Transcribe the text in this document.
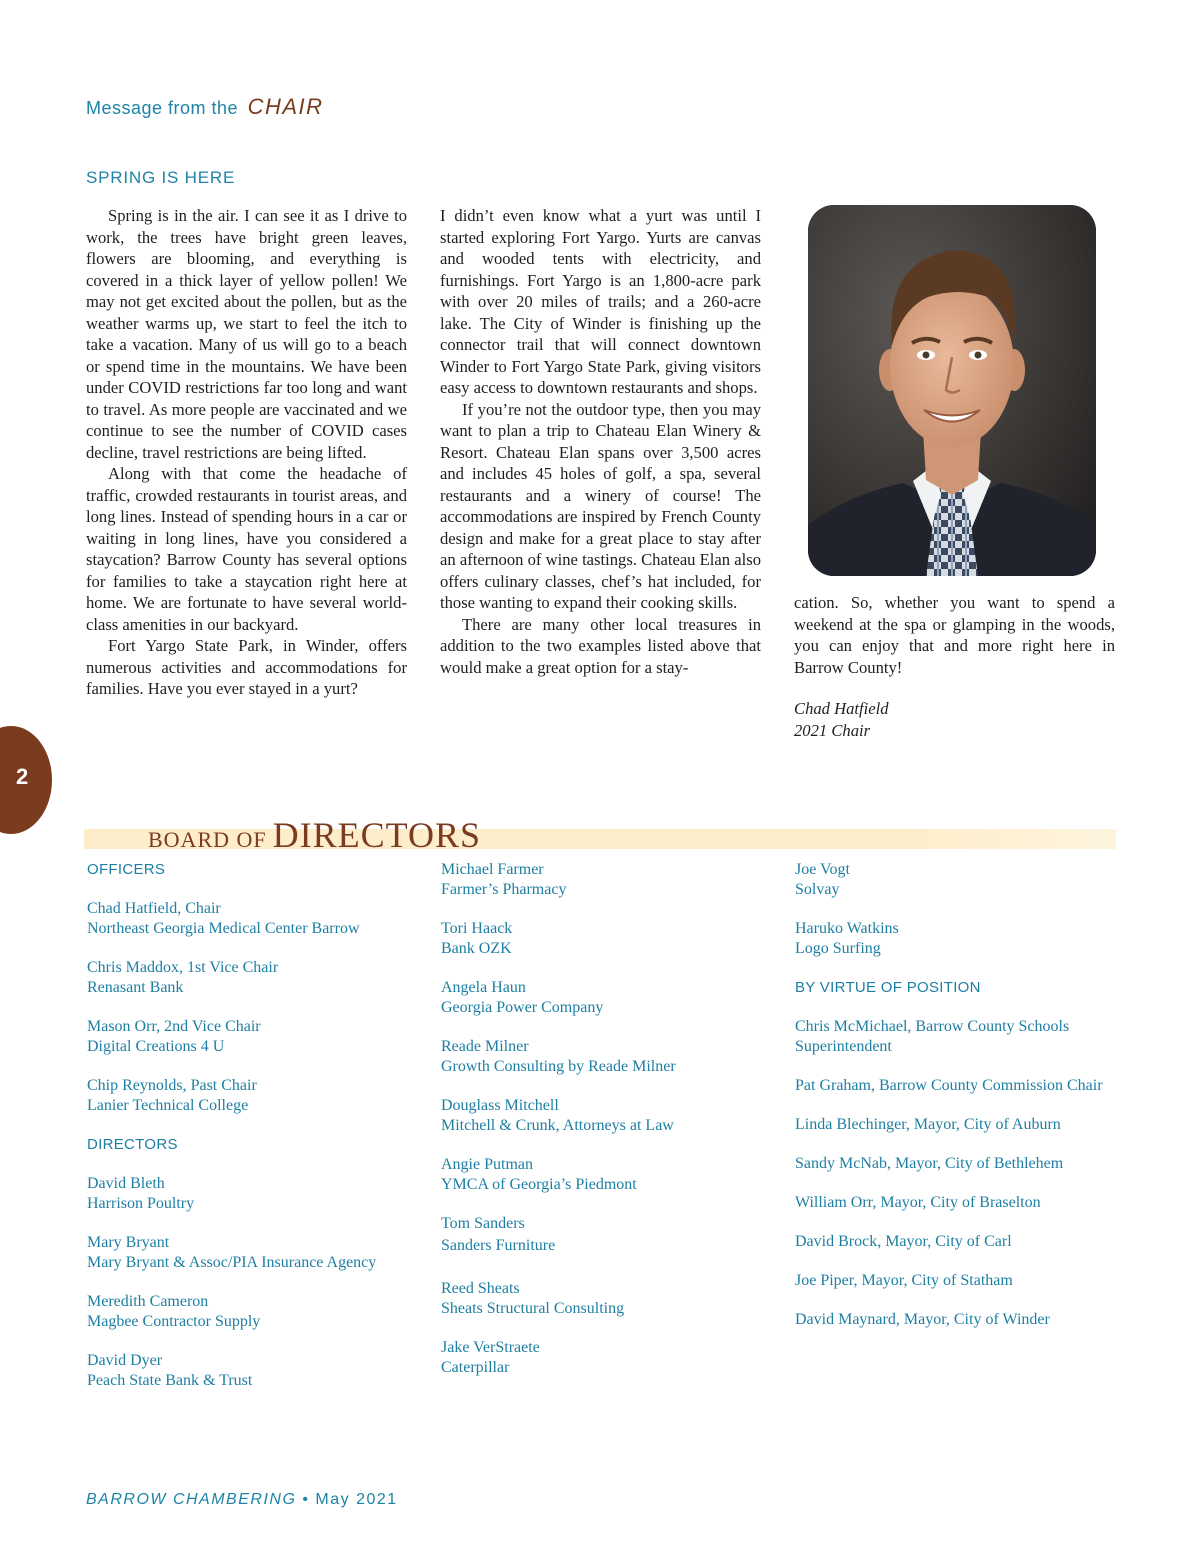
Message from the CHAIR
SPRING IS HERE

Spring is in the air. I can see it as I drive to work, the trees have bright green leaves, flowers are blooming, and everything is covered in a thick layer of yellow pollen! We may not get excited about the pollen, but as the weather warms up, we start to feel the itch to take a vacation. Many of us will go to a beach or spend time in the mountains. We have been under COVID restrictions far too long and want to travel. As more people are vaccinated and we continue to see the number of COVID cases decline, travel restrictions are being lifted.

Along with that come the headache of traffic, crowded restaurants in tourist areas, and long lines. Instead of spending hours in a car or waiting in long lines, have you considered a staycation? Barrow County has several options for families to take a staycation right here at home. We are fortunate to have several world-class amenities in our backyard.

Fort Yargo State Park, in Winder, offers numerous activities and accommodations for families. Have you ever stayed in a yurt?

I didn’t even know what a yurt was until I started exploring Fort Yargo. Yurts are canvas and wooded tents with electricity, and furnishings. Fort Yargo is an 1,800-acre park with over 20 miles of trails; and a 260-acre lake. The City of Winder is finishing up the connector trail that will connect downtown Winder to Fort Yargo State Park, giving visitors easy access to downtown restaurants and shops.

If you’re not the outdoor type, then you may want to plan a trip to Chateau Elan Winery & Resort. Chateau Elan spans over 3,500 acres and includes 45 holes of golf, a spa, several restaurants and a winery of course! The accommodations are inspired by French County design and make for a great place to stay after an afternoon of wine tastings. Chateau Elan also offers culinary classes, chef’s hat included, for those wanting to expand their cooking skills.

There are many other local treasures in addition to the two examples listed above that would make a great option for a stay-

cation. So, whether you want to spend a weekend at the spa or glamping in the woods, you can enjoy that and more right here in Barrow County!

Chad Hatfield
2021 Chair
2
BOARD OF DIRECTORS

OFFICERS

Chad Hatfield, Chair
Northeast Georgia Medical Center Barrow
Chris Maddox, 1st Vice Chair
Renasant Bank
Mason Orr, 2nd Vice Chair
Digital Creations 4 U
Chip Reynolds, Past Chair
Lanier Technical College

DIRECTORS

David Bleth
Harrison Poultry
Mary Bryant
Mary Bryant & Assoc/PIA Insurance Agency
Meredith Cameron
Magbee Contractor Supply
David Dyer
Peach State Bank & Trust
Michael Farmer
Farmer’s Pharmacy
Tori Haack
Bank OZK
Angela Haun
Georgia Power Company
Reade Milner
Growth Consulting by Reade Milner
Douglass Mitchell
Mitchell & Crunk, Attorneys at Law
Angie Putman
YMCA of Georgia’s Piedmont
Tom Sanders
Sanders Furniture
Reed Sheats
Sheats Structural Consulting
Jake VerStraete
Caterpillar
Joe Vogt
Solvay
Haruko Watkins
Logo Surfing

BY VIRTUE OF POSITION

Chris McMichael, Barrow County Schools
Superintendent
Pat Graham, Barrow County Commission Chair
Linda Blechinger, Mayor, City of Auburn
Sandy McNab, Mayor, City of Bethlehem
William Orr, Mayor, City of Braselton
David Brock, Mayor, City of Carl
Joe Piper, Mayor, City of Statham
David Maynard, Mayor, City of Winder
BARROW CHAMBERING • May 2021
